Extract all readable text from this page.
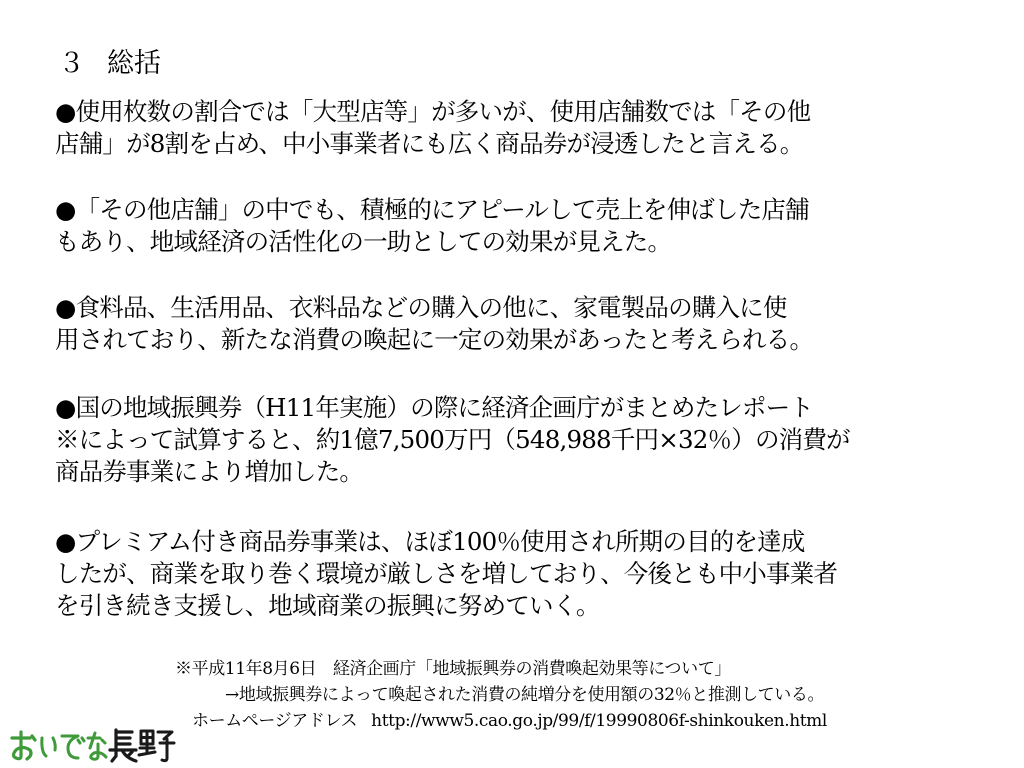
３ 総括

●使用枚数の割合では「大型店等」が多いが、使用店舗数では「その他
店舗」が8割を占め、中小事業者にも広く商品券が浸透したと言える。

●「その他店舗」の中でも、積極的にアピールして売上を伸ばした店舗
もあり、地域経済の活性化の一助としての効果が見えた。

●食料品、生活用品、衣料品などの購入の他に、家電製品の購入に使
用されており、新たな消費の喚起に一定の効果があったと考えられる。

●国の地域振興券（H11年実施）の際に経済企画庁がまとめたレポート
※によって試算すると、約1億7,500万円（548,988千円×32％）の消費が
商品券事業により増加した。

●プレミアム付き商品券事業は、ほぼ100％使用され所期の目的を達成
したが、商業を取り巻く環境が厳しさを増しており、今後とも中小事業者
を引き続き支援し、地域商業の振興に努めていく。

※平成11年8月6日　経済企画庁「地域振興券の消費喚起効果等について」
→地域振興券によって喚起された消費の純増分を使用額の32％と推測している。
ホームページアドレス http://www5.cao.go.jp/99/f/19990806f-shinkouken.html
おいでな長野
